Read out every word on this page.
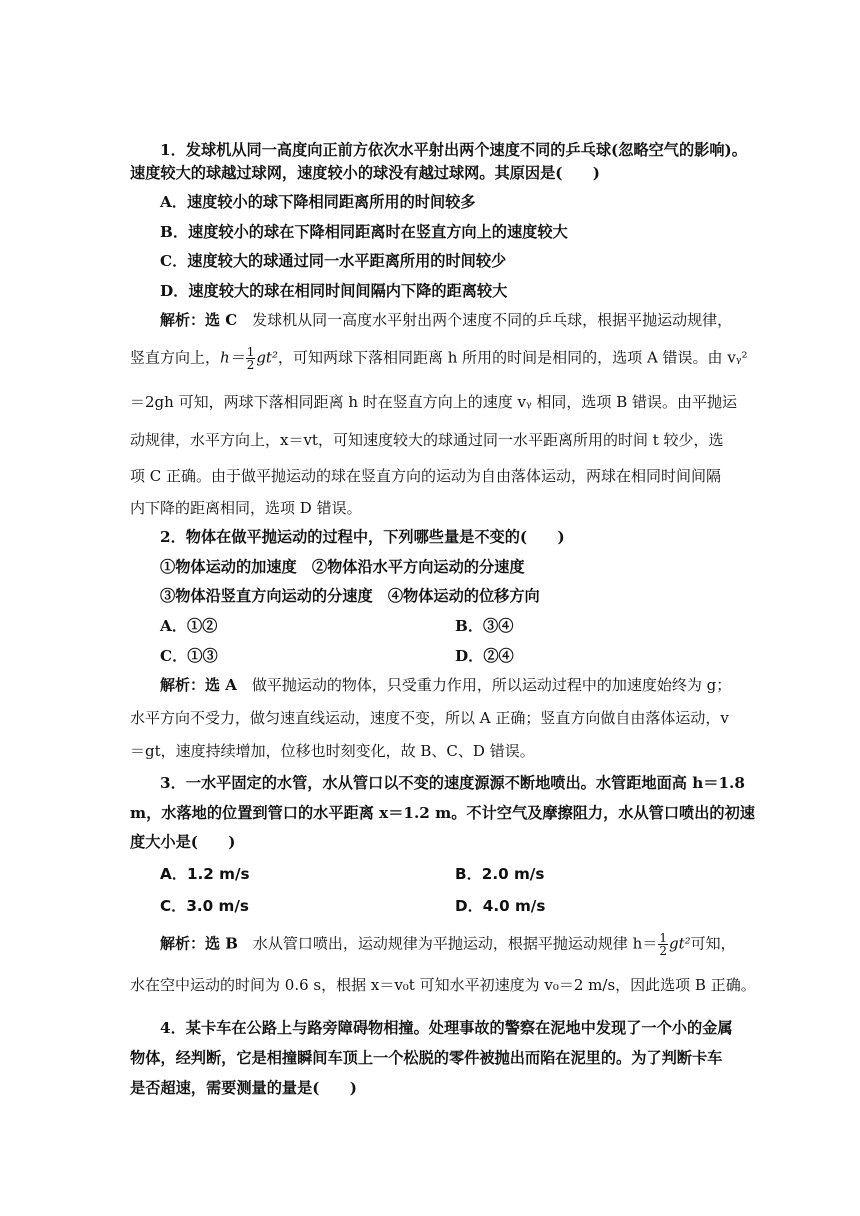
1．发球机从同一高度向正前方依次水平射出两个速度不同的乒乓球(忽略空气的影响)。
速度较大的球越过球网，速度较小的球没有越过球网。其原因是(　　)
A．速度较小的球下降相同距离所用的时间较多
B．速度较小的球在下降相同距离时在竖直方向上的速度较大
C．速度较大的球通过同一水平距离所用的时间较少
D．速度较大的球在相同时间间隔内下降的距离较大
解析：选 C　发球机从同一高度水平射出两个速度不同的乒乓球，根据平抛运动规律，
竖直方向上，$h= \frac{1}{2} gt^2$，可知两球下落相同距离 h 所用的时间是相同的，选项 A 错误。由 vᵧ²
＝2gh 可知，两球下落相同距离 h 时在竖直方向上的速度 vᵧ 相同，选项 B 错误。由平抛运
动规律，水平方向上，x＝vt，可知速度较大的球通过同一水平距离所用的时间 t 较少，选
项 C 正确。由于做平抛运动的球在竖直方向的运动为自由落体运动，两球在相同时间间隔
内下降的距离相同，选项 D 错误。
2．物体在做平抛运动的过程中，下列哪些量是不变的(　　)
①物体运动的加速度　②物体沿水平方向运动的分速度
③物体沿竖直方向运动的分速度　④物体运动的位移方向
A．①②	B．③④
C．①③	D．②④
解析：选 A　做平抛运动的物体，只受重力作用，所以运动过程中的加速度始终为 g；
水平方向不受力，做匀速直线运动，速度不变，所以 A 正确；竖直方向做自由落体运动，v
＝gt，速度持续增加，位移也时刻变化，故 B、C、D 错误。
3．一水平固定的水管，水从管口以不变的速度源源不断地喷出。水管距地面高 h＝1.8
m，水落地的位置到管口的水平距离 x＝1.2 m。不计空气及摩擦阻力，水从管口喷出的初速
度大小是(　　)
A．1.2 m/s	B．2.0 m/s
C．3.0 m/s	D．4.0 m/s
解析：选 B　水从管口喷出，运动规律为平抛运动，根据平抛运动规律 $h= \frac{1}{2} gt^2$可知，
水在空中运动的时间为 0.6 s，根据 x＝v₀t 可知水平初速度为 v₀＝2 m/s，因此选项 B 正确。
4．某卡车在公路上与路旁障碍物相撞。处理事故的警察在泥地中发现了一个小的金属
物体，经判断，它是相撞瞬间车顶上一个松脱的零件被抛出而陷在泥里的。为了判断卡车
是否超速，需要测量的量是(　　)
